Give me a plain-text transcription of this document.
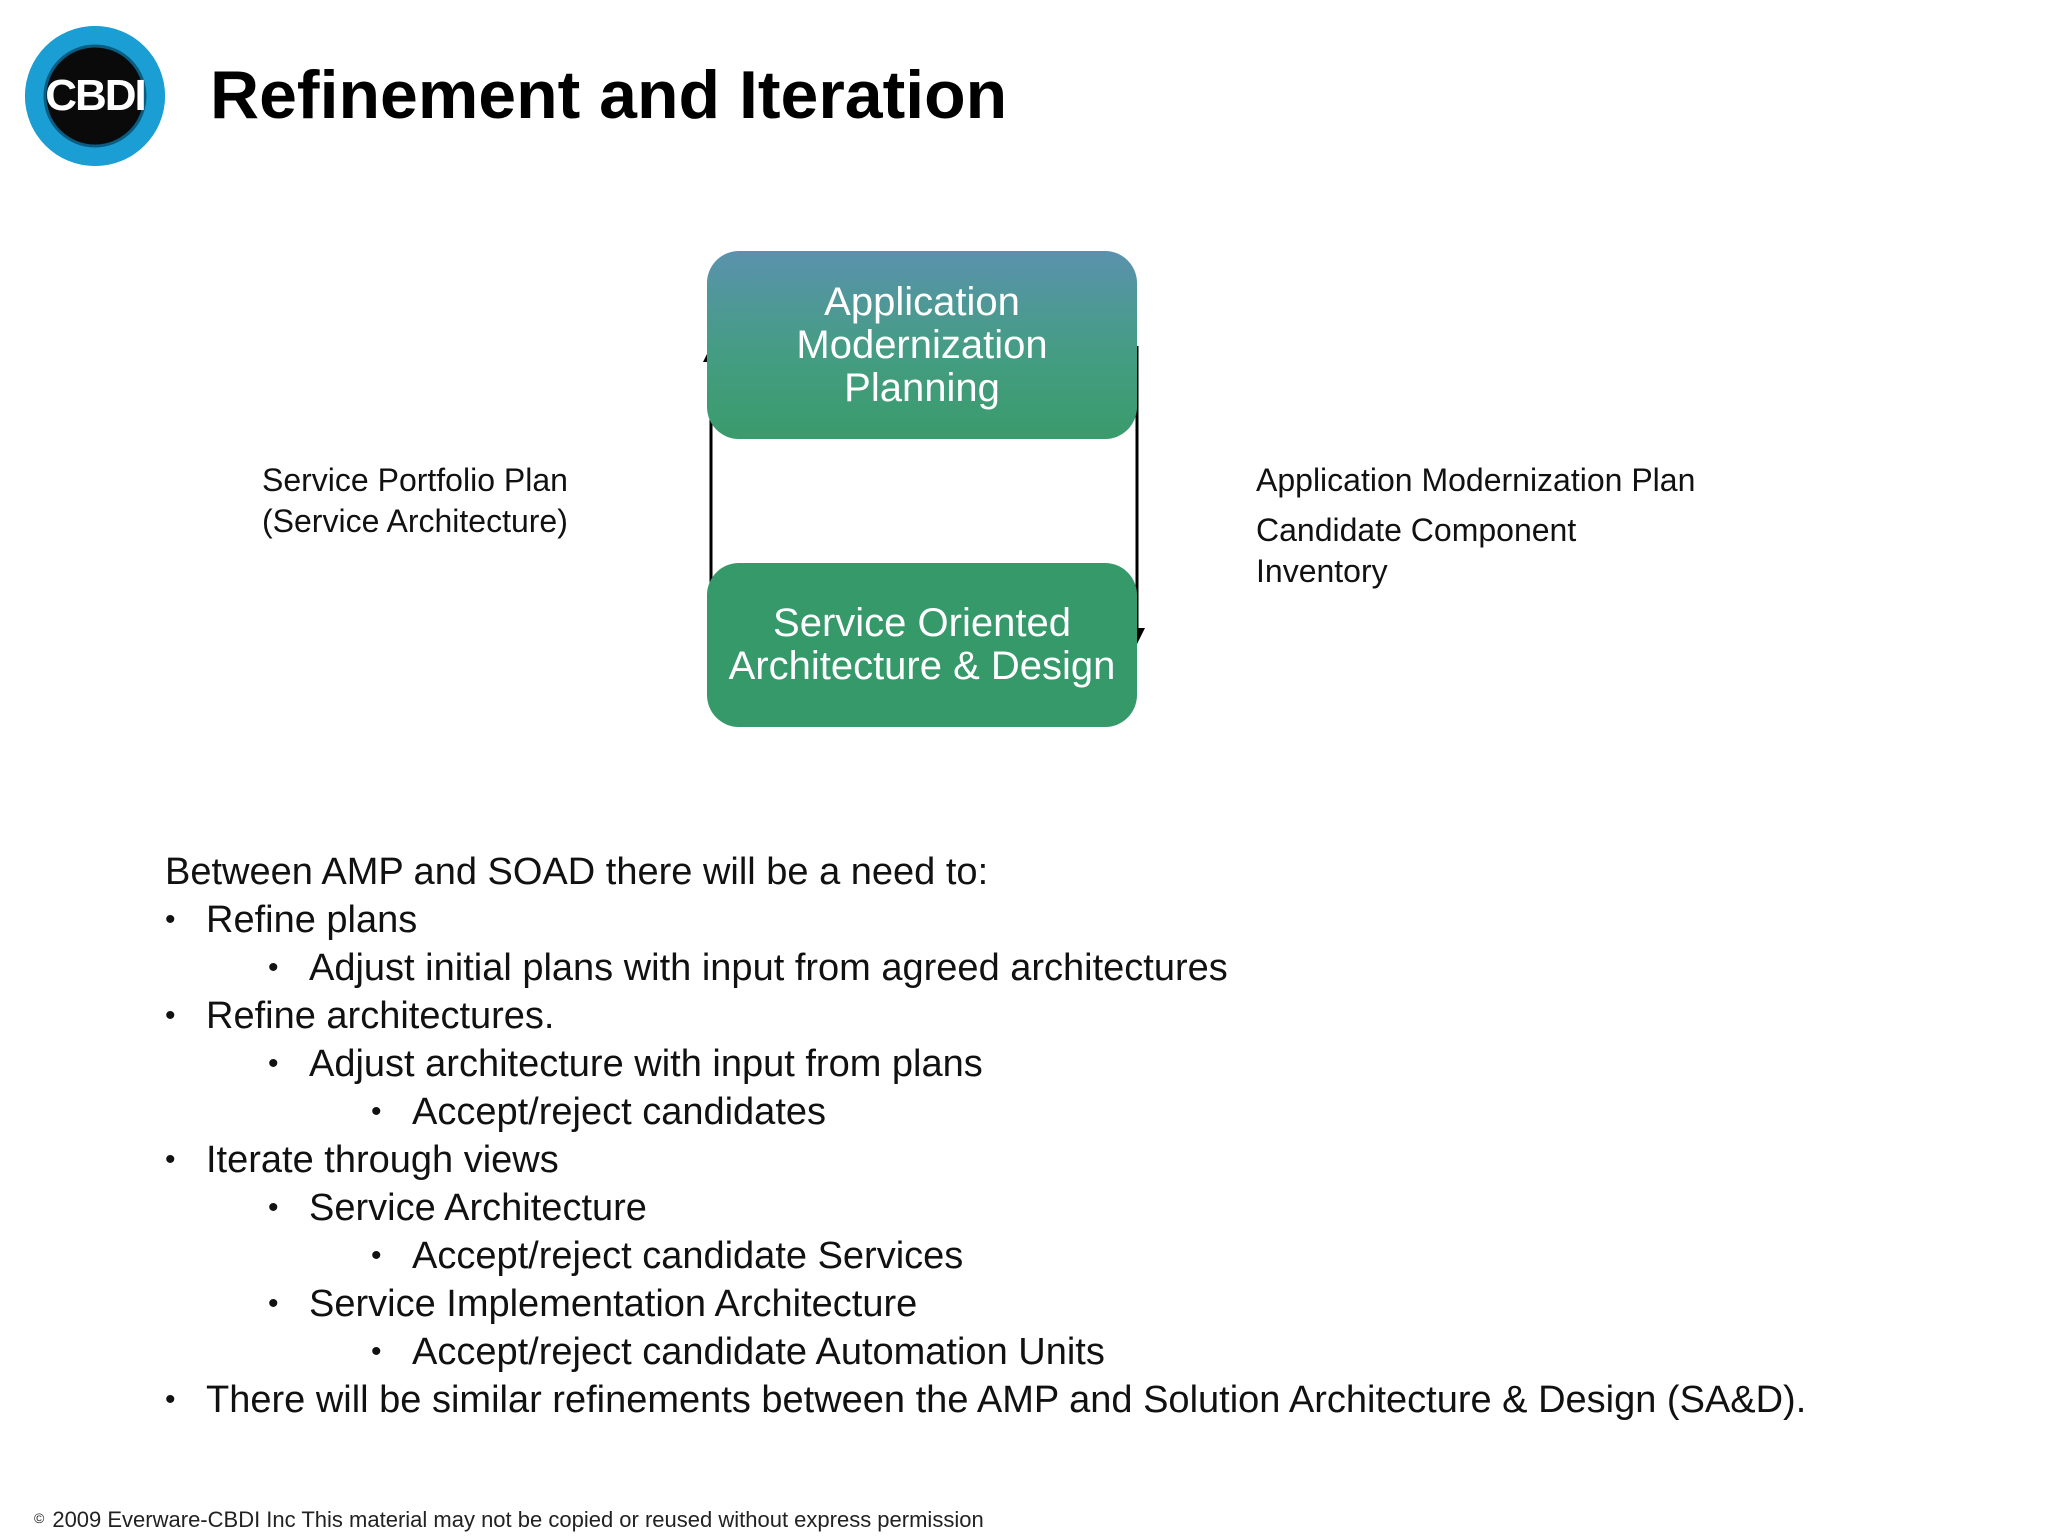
CBDI Refinement and Iteration
Application
Modernization
Planning
Service Oriented
Architecture & Design
Service Portfolio Plan
(Service Architecture)
Application Modernization Plan
Candidate Component
Inventory
Between AMP and SOAD there will be a need to:
• Refine plans
• Adjust initial plans with input from agreed architectures
• Refine architectures.
• Adjust architecture with input from plans
• Accept/reject candidates
• Iterate through views
• Service Architecture
• Accept/reject candidate Services
• Service Implementation Architecture
• Accept/reject candidate Automation Units
• There will be similar refinements between the AMP and Solution Architecture & Design (SA&D).
© 2009 Everware-CBDI Inc This material may not be copied or reused without express permission
